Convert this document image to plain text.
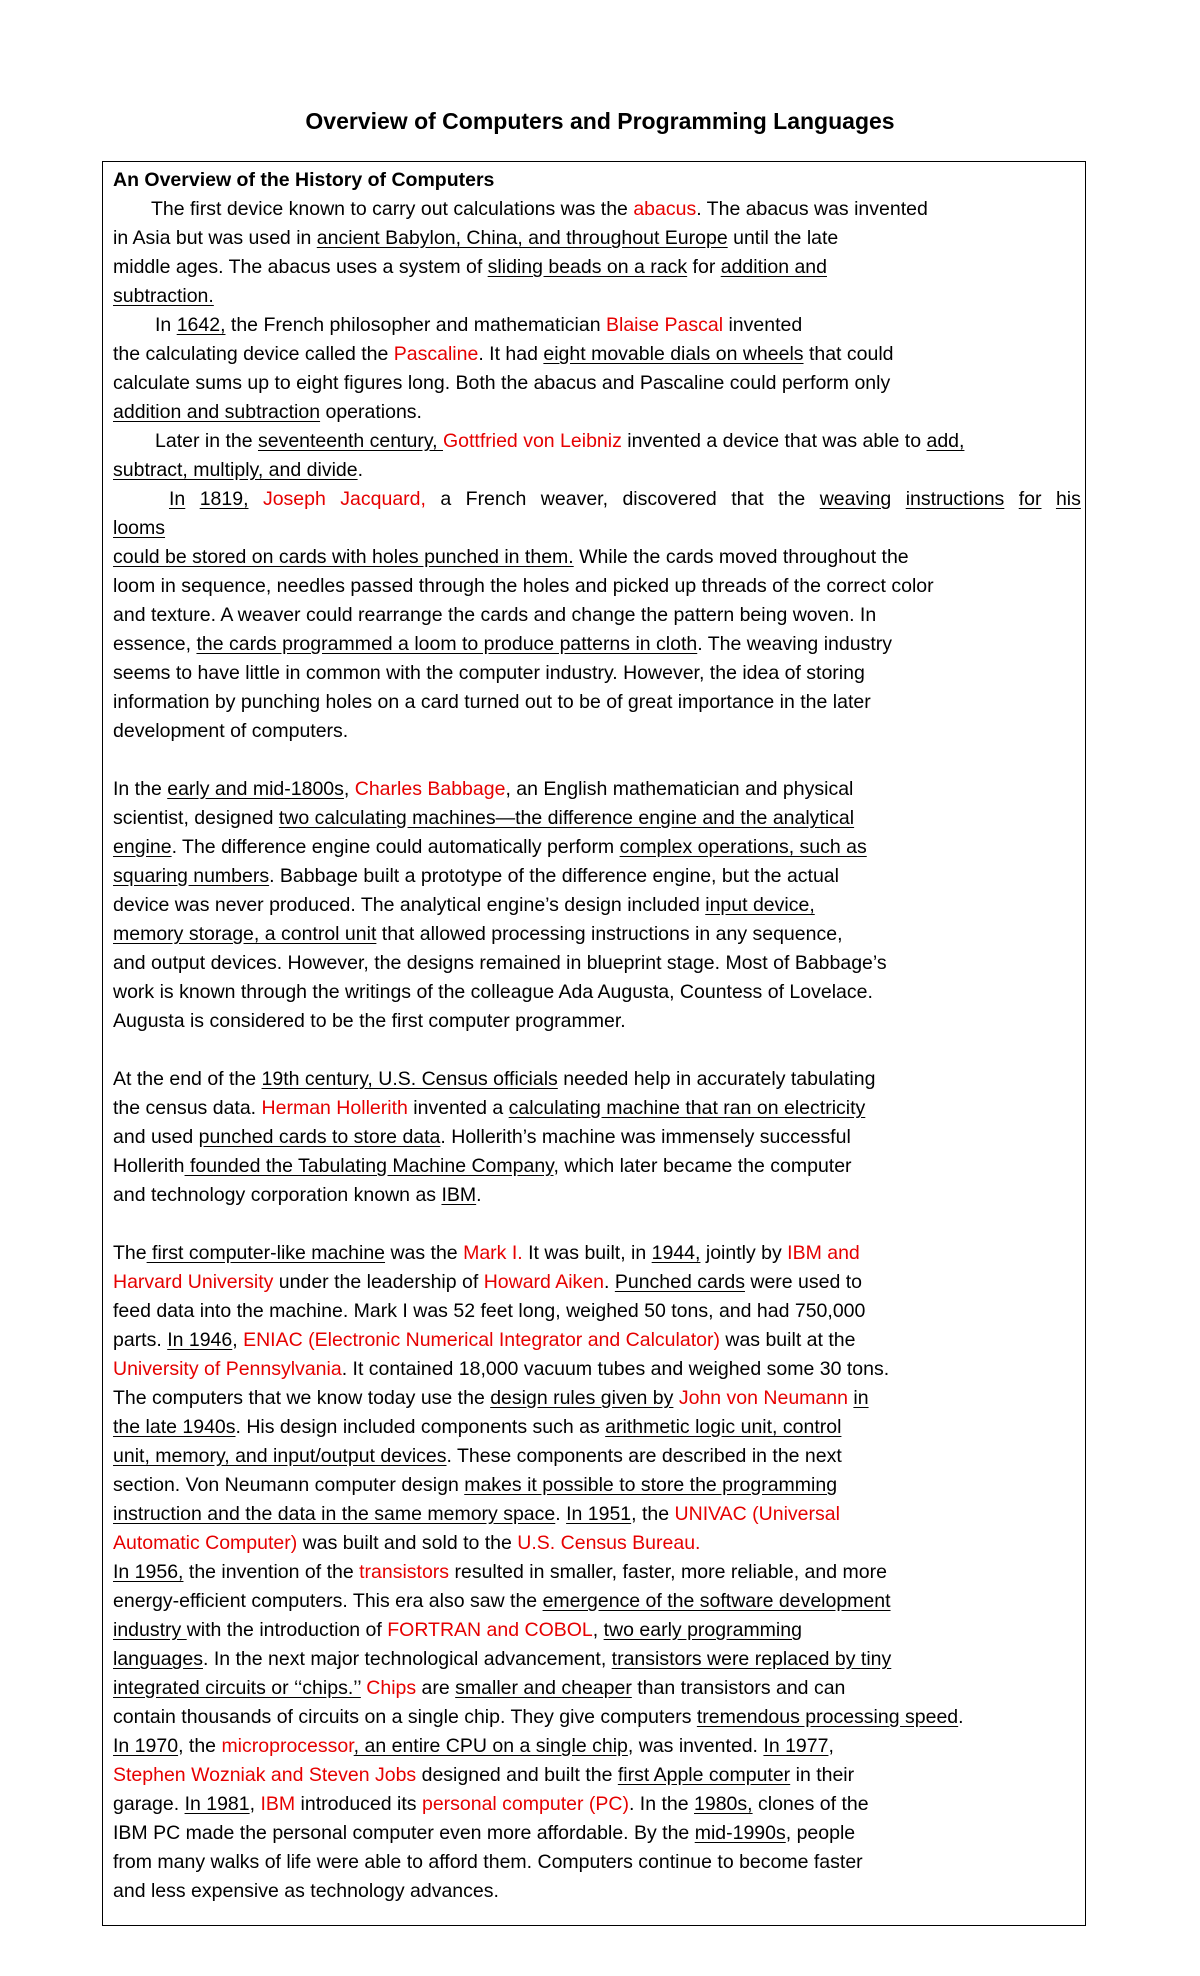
Overview of Computers and Programming Languages

An Overview of the History of Computers

The first device known to carry out calculations was the abacus. The abacus was invented

in Asia but was used in ancient Babylon, China, and throughout Europe until the late

middle ages. The abacus uses a system of sliding beads on a rack for addition and

subtraction.

In 1642, the French philosopher and mathematician Blaise Pascal invented

the calculating device called the Pascaline. It had eight movable dials on wheels that could

calculate sums up to eight figures long. Both the abacus and Pascaline could perform only

addition and subtraction operations.

Later in the seventeenth century, Gottfried von Leibniz invented a device that was able to add,

subtract, multiply, and divide.

In 1819, Joseph Jacquard, a French weaver, discovered that the weaving instructions for his

looms

could be stored on cards with holes punched in them. While the cards moved throughout the

loom in sequence, needles passed through the holes and picked up threads of the correct color

and texture. A weaver could rearrange the cards and change the pattern being woven. In

essence, the cards programmed a loom to produce patterns in cloth. The weaving industry

seems to have little in common with the computer industry. However, the idea of storing

information by punching holes on a card turned out to be of great importance in the later

development of computers.

In the early and mid-1800s, Charles Babbage, an English mathematician and physical

scientist, designed two calculating machines—the difference engine and the analytical

engine. The difference engine could automatically perform complex operations, such as

squaring numbers. Babbage built a prototype of the difference engine, but the actual

device was never produced. The analytical engine’s design included input device,

memory storage, a control unit that allowed processing instructions in any sequence,

and output devices. However, the designs remained in blueprint stage. Most of Babbage’s

work is known through the writings of the colleague Ada Augusta, Countess of Lovelace.

Augusta is considered to be the first computer programmer.

At the end of the 19th century, U.S. Census officials needed help in accurately tabulating

the census data. Herman Hollerith invented a calculating machine that ran on electricity

and used punched cards to store data. Hollerith’s machine was immensely successful

Hollerith founded the Tabulating Machine Company, which later became the computer

and technology corporation known as IBM.

The first computer-like machine was the Mark I. It was built, in 1944, jointly by IBM and

Harvard University under the leadership of Howard Aiken. Punched cards were used to

feed data into the machine. Mark I was 52 feet long, weighed 50 tons, and had 750,000

parts. In 1946, ENIAC (Electronic Numerical Integrator and Calculator) was built at the

University of Pennsylvania. It contained 18,000 vacuum tubes and weighed some 30 tons.

The computers that we know today use the design rules given by John von Neumann in

the late 1940s. His design included components such as arithmetic logic unit, control

unit, memory, and input/output devices. These components are described in the next

section. Von Neumann computer design makes it possible to store the programming

instruction and the data in the same memory space. In 1951, the UNIVAC (Universal

Automatic Computer) was built and sold to the U.S. Census Bureau.

In 1956, the invention of the transistors resulted in smaller, faster, more reliable, and more

energy-efficient computers. This era also saw the emergence of the software development

industry with the introduction of FORTRAN and COBOL, two early programming

languages. In the next major technological advancement, transistors were replaced by tiny

integrated circuits or ‘‘chips.’’ Chips are smaller and cheaper than transistors and can

contain thousands of circuits on a single chip. They give computers tremendous processing speed.

In 1970, the microprocessor, an entire CPU on a single chip, was invented. In 1977,

Stephen Wozniak and Steven Jobs designed and built the first Apple computer in their

garage. In 1981, IBM introduced its personal computer (PC). In the 1980s, clones of the

IBM PC made the personal computer even more affordable. By the mid-1990s, people

from many walks of life were able to afford them. Computers continue to become faster

and less expensive as technology advances.
